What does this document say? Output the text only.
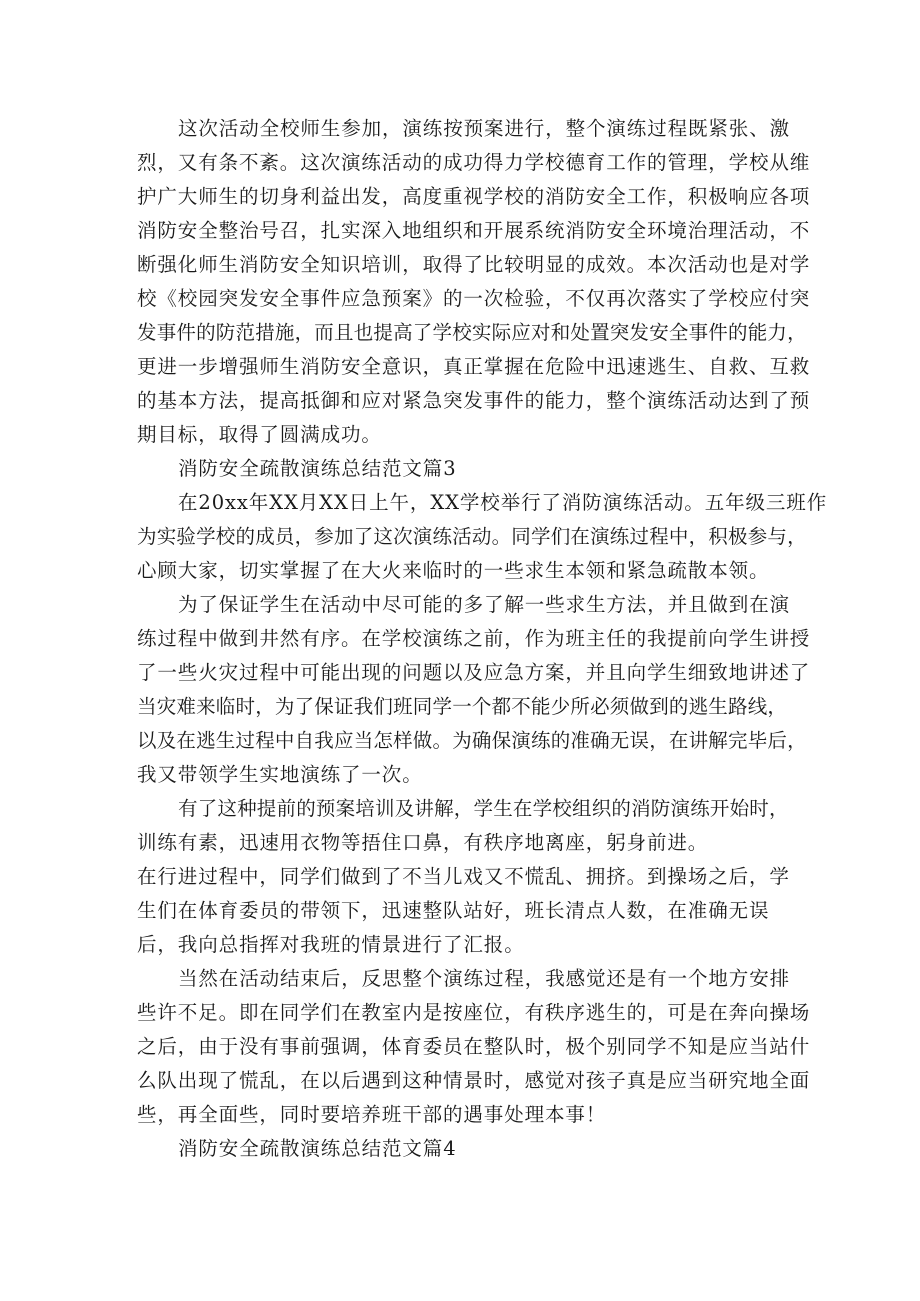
这次活动全校师生参加，演练按预案进行，整个演练过程既紧张、激
烈，又有条不紊。这次演练活动的成功得力学校德育工作的管理，学校从维
护广大师生的切身利益出发，高度重视学校的消防安全工作，积极响应各项
消防安全整治号召，扎实深入地组织和开展系统消防安全环境治理活动，不
断强化师生消防安全知识培训，取得了比较明显的成效。本次活动也是对学
校《校园突发安全事件应急预案》的一次检验，不仅再次落实了学校应付突
发事件的防范措施，而且也提高了学校实际应对和处置突发安全事件的能力，
更进一步增强师生消防安全意识，真正掌握在危险中迅速逃生、自救、互救
的基本方法，提高抵御和应对紧急突发事件的能力，整个演练活动达到了预
期目标，取得了圆满成功。
消防安全疏散演练总结范文篇3
在20xx年XX月XX日上午，XX学校举行了消防演练活动。五年级三班作
为实验学校的成员，参加了这次演练活动。同学们在演练过程中，积极参与，
心顾大家，切实掌握了在大火来临时的一些求生本领和紧急疏散本领。
为了保证学生在活动中尽可能的多了解一些求生方法，并且做到在演
练过程中做到井然有序。在学校演练之前，作为班主任的我提前向学生讲授
了一些火灾过程中可能出现的问题以及应急方案，并且向学生细致地讲述了
当灾难来临时，为了保证我们班同学一个都不能少所必须做到的逃生路线，
以及在逃生过程中自我应当怎样做。为确保演练的准确无误，在讲解完毕后，
我又带领学生实地演练了一次。
有了这种提前的预案培训及讲解，学生在学校组织的消防演练开始时，
训练有素，迅速用衣物等捂住口鼻，有秩序地离座，躬身前进。
在行进过程中，同学们做到了不当儿戏又不慌乱、拥挤。到操场之后，学
生们在体育委员的带领下，迅速整队站好，班长清点人数，在准确无误
后，我向总指挥对我班的情景进行了汇报。
当然在活动结束后，反思整个演练过程，我感觉还是有一个地方安排
些许不足。即在同学们在教室内是按座位，有秩序逃生的，可是在奔向操场
之后，由于没有事前强调，体育委员在整队时，极个别同学不知是应当站什
么队出现了慌乱，在以后遇到这种情景时，感觉对孩子真是应当研究地全面
些，再全面些，同时要培养班干部的遇事处理本事！
消防安全疏散演练总结范文篇4
